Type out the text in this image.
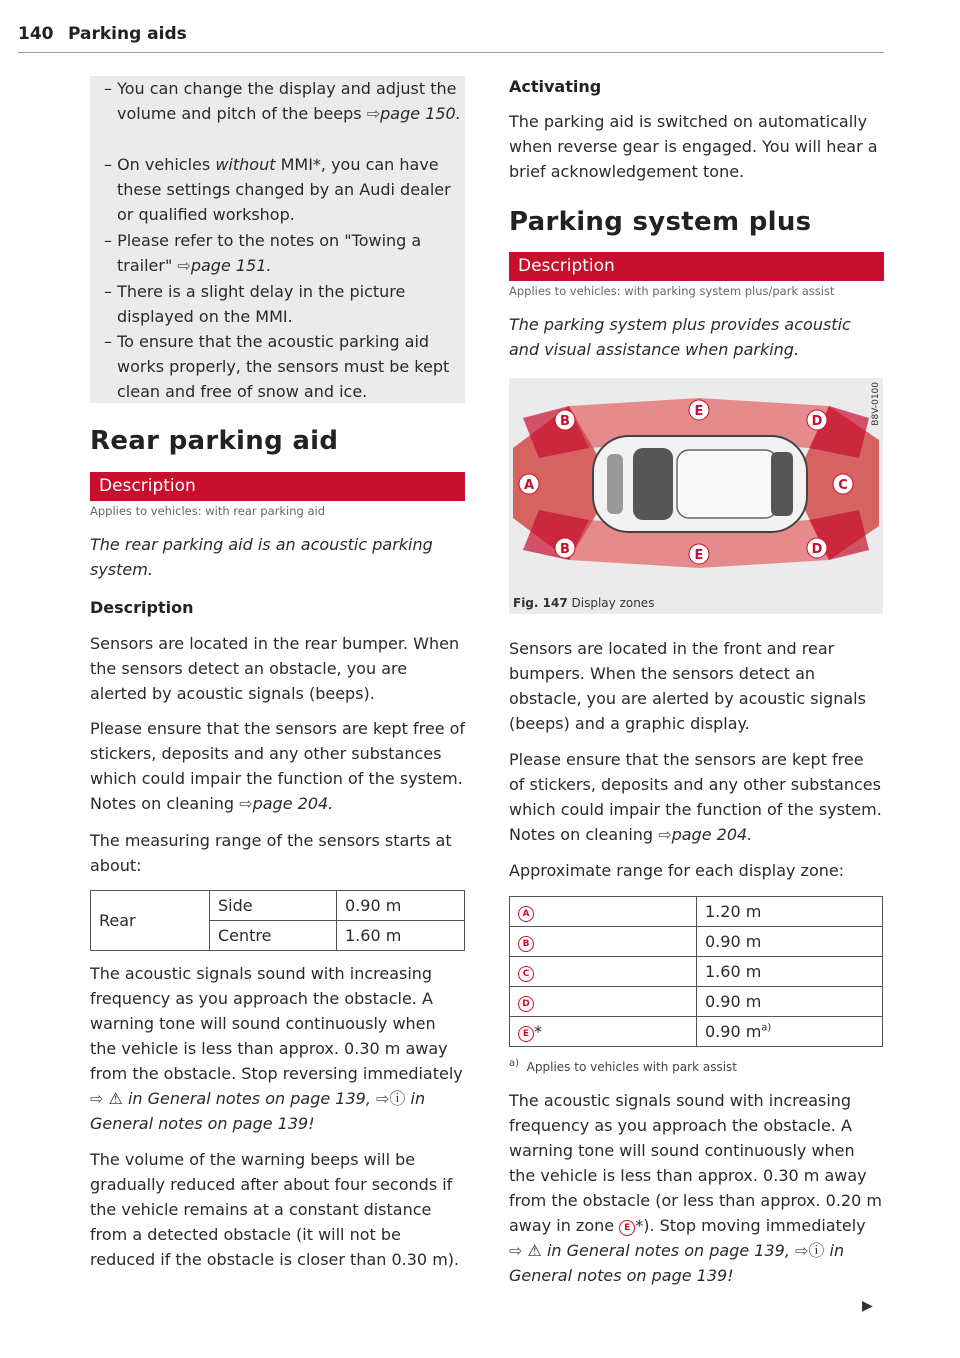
140 Parking aids
– You can change the display and adjust the volume and pitch of the beeps ⇨page 150.
– On vehicles without MMI*, you can have these settings changed by an Audi dealer or qualified workshop.
– Please refer to the notes on "Towing a trailer" ⇨page 151.
– There is a slight delay in the picture displayed on the MMI.
– To ensure that the acoustic parking aid works properly, the sensors must be kept clean and free of snow and ice.
Rear parking aid
Description
Applies to vehicles: with rear parking aid
The rear parking aid is an acoustic parking system.
Description
Sensors are located in the rear bumper. When the sensors detect an obstacle, you are alerted by acoustic signals (beeps).
Please ensure that the sensors are kept free of stickers, deposits and any other substances which could impair the function of the system. Notes on cleaning ⇨page 204.
The measuring range of the sensors starts at about:
Rear	Side	0.90 m
	Centre	1.60 m
The acoustic signals sound with increasing frequency as you approach the obstacle. A warning tone will sound continuously when the vehicle is less than approx. 0.30 m away from the obstacle. Stop reversing immediately ⇨ ⚠ in General notes on page 139, ⇨ⓘ in General notes on page 139!
The volume of the warning beeps will be gradually reduced after about four seconds if the vehicle remains at a constant distance from a detected obstacle (it will not be reduced if the obstacle is closer than 0.30 m).
Activating
The parking aid is switched on automatically when reverse gear is engaged. You will hear a brief acknowledgement tone.
Parking system plus
Description
Applies to vehicles: with parking system plus/park assist
The parking system plus provides acoustic and visual assistance when parking.
E
E
B
B
A
D
D
C
B8V-0100
Fig. 147 Display zones
Sensors are located in the front and rear bumpers. When the sensors detect an obstacle, you are alerted by acoustic signals (beeps) and a graphic display.
Please ensure that the sensors are kept free of stickers, deposits and any other substances which could impair the function of the system. Notes on cleaning ⇨page 204.
Approximate range for each display zone:
A	1.20 m
B	0.90 m
C	1.60 m
D	0.90 m
E *	0.90 $m^{a)}$
$^{a)}$ Applies to vehicles with park assist
The acoustic signals sound with increasing frequency as you approach the obstacle. A warning tone will sound continuously when the vehicle is less than approx. 0.30 m away from the obstacle (or less than approx. 0.20 m away in zone E *). Stop moving immediately ⇨ ⚠ in General notes on page 139, ⇨ⓘ in General notes on page 139!
▶
